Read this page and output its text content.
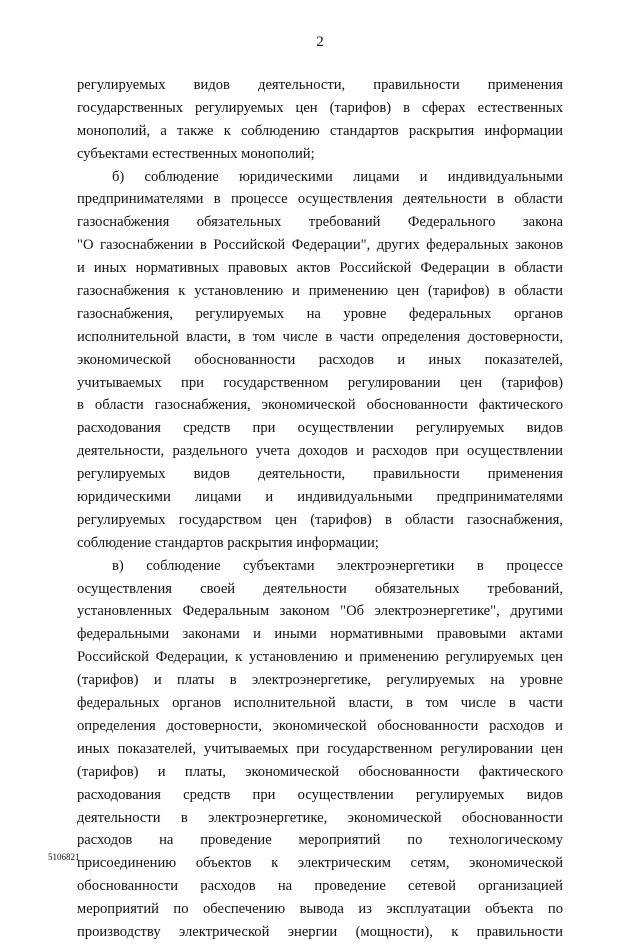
2
регулируемых видов деятельности, правильности применения
государственных регулируемых цен (тарифов) в сферах естественных
монополий, а также к соблюдению стандартов раскрытия информации
субъектами естественных монополий;
б) соблюдение юридическими лицами и индивидуальными
предпринимателями в процессе осуществления деятельности в области
газоснабжения обязательных требований Федерального закона
"О газоснабжении в Российской Федерации", других федеральных законов
и иных нормативных правовых актов Российской Федерации в области
газоснабжения к установлению и применению цен (тарифов) в области
газоснабжения, регулируемых на уровне федеральных органов
исполнительной власти, в том числе в части определения достоверности,
экономической обоснованности расходов и иных показателей,
учитываемых при государственном регулировании цен (тарифов)
в области газоснабжения, экономической обоснованности фактического
расходования средств при осуществлении регулируемых видов
деятельности, раздельного учета доходов и расходов при осуществлении
регулируемых видов деятельности, правильности применения
юридическими лицами и индивидуальными предпринимателями
регулируемых государством цен (тарифов) в области газоснабжения,
соблюдение стандартов раскрытия информации;
в) соблюдение субъектами электроэнергетики в процессе
осуществления своей деятельности обязательных требований,
установленных Федеральным законом "Об электроэнергетике", другими
федеральными законами и иными нормативными правовыми актами
Российской Федерации, к установлению и применению регулируемых цен
(тарифов) и платы в электроэнергетике, регулируемых на уровне
федеральных органов исполнительной власти, в том числе в части
определения достоверности, экономической обоснованности расходов и
иных показателей, учитываемых при государственном регулировании цен
(тарифов) и платы, экономической обоснованности фактического
расходования средств при осуществлении регулируемых видов
деятельности в электроэнергетике, экономической обоснованности
расходов на проведение мероприятий по технологическому
присоединению объектов к электрическим сетям, экономической
обоснованности расходов на проведение сетевой организацией
мероприятий по обеспечению вывода из эксплуатации объекта по
производству электрической энергии (мощности), к правильности
5106821
